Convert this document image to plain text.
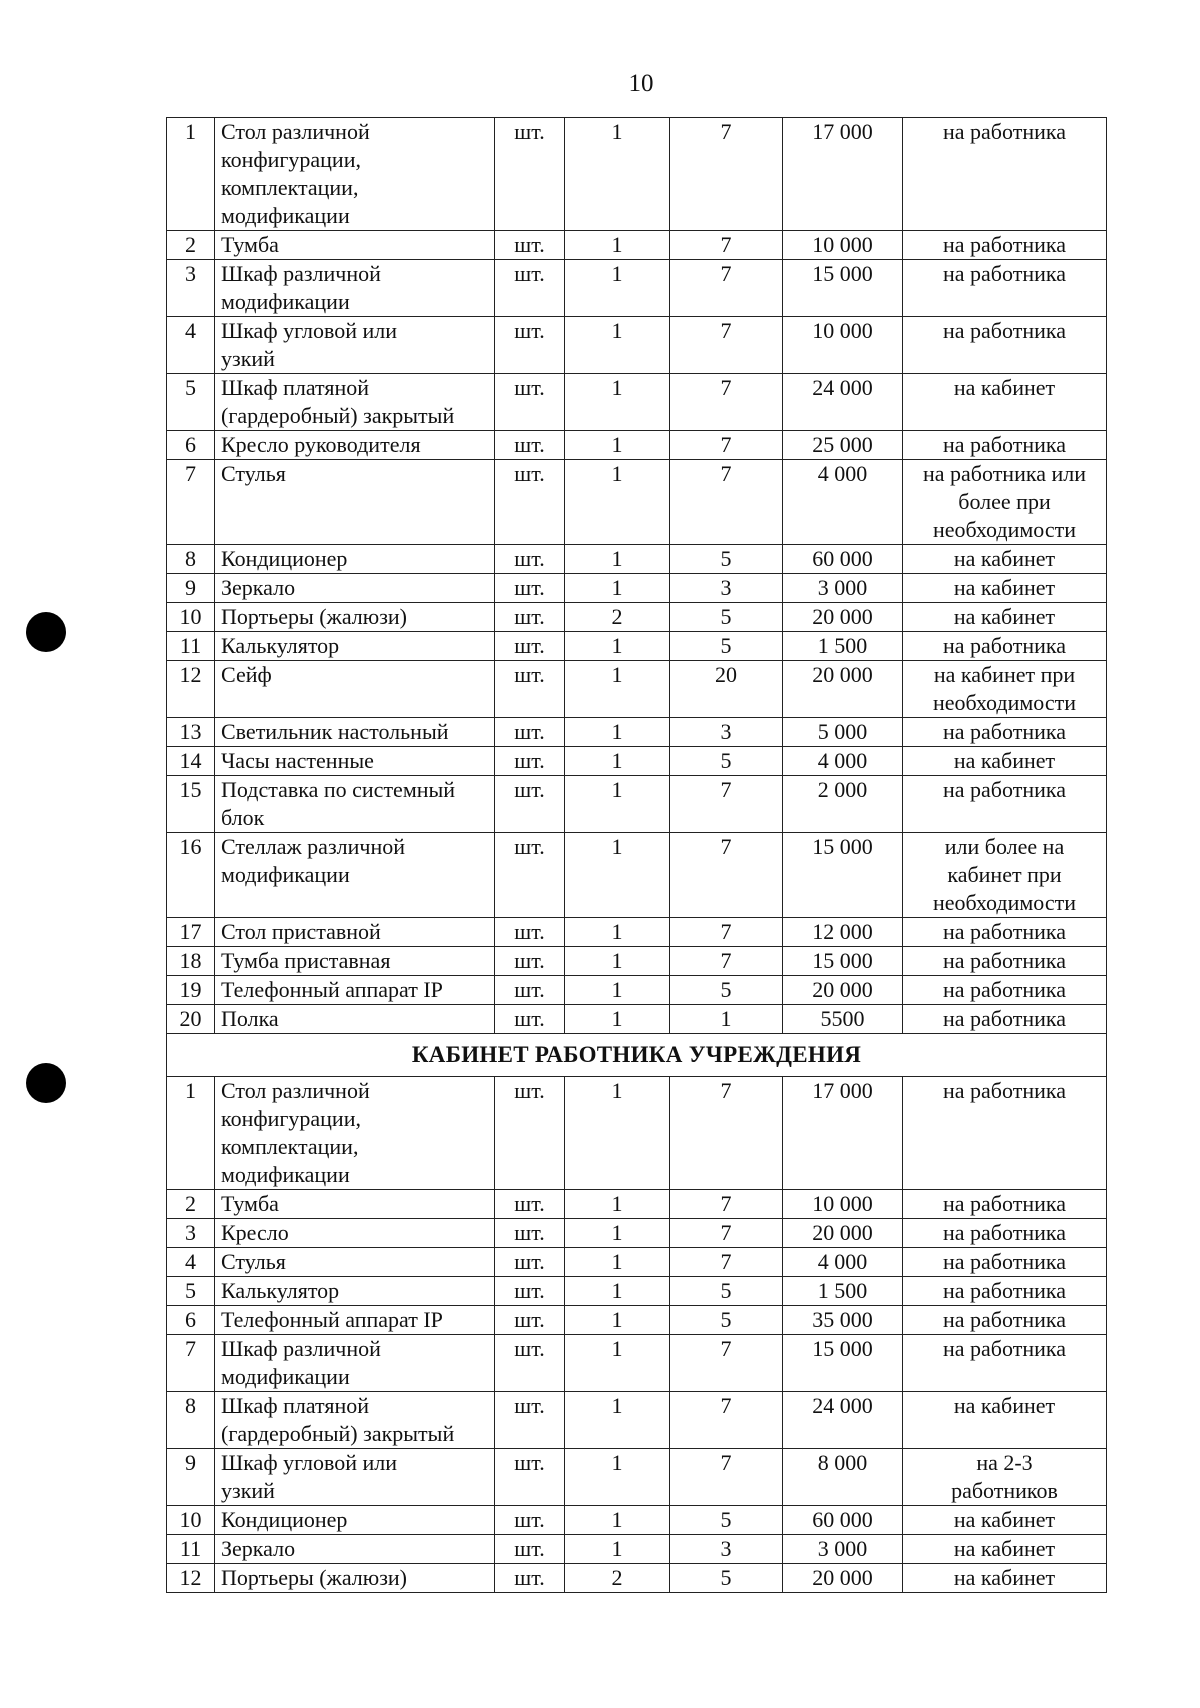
10
1	Стол различной
конфигурации,
комплектации,
модификации	шт.	1	7	17 000	на работника
2	Тумба	шт.	1	7	10 000	на работника
3	Шкаф различной
модификации	шт.	1	7	15 000	на работника
4	Шкаф угловой или
узкий	шт.	1	7	10 000	на работника
5	Шкаф платяной
(гардеробный) закрытый	шт.	1	7	24 000	на кабинет
6	Кресло руководителя	шт.	1	7	25 000	на работника
7	Стулья	шт.	1	7	4 000	на работника или
более при
необходимости
8	Кондиционер	шт.	1	5	60 000	на кабинет
9	Зеркало	шт.	1	3	3 000	на кабинет
10	Портьеры (жалюзи)	шт.	2	5	20 000	на кабинет
11	Калькулятор	шт.	1	5	1 500	на работника
12	Сейф	шт.	1	20	20 000	на кабинет при
необходимости
13	Светильник настольный	шт.	1	3	5 000	на работника
14	Часы настенные	шт.	1	5	4 000	на кабинет
15	Подставка по системный
блок	шт.	1	7	2 000	на работника
16	Стеллаж различной
модификации	шт.	1	7	15 000	или более на
кабинет при
необходимости
17	Стол приставной	шт.	1	7	12 000	на работника
18	Тумба приставная	шт.	1	7	15 000	на работника
19	Телефонный аппарат IP	шт.	1	5	20 000	на работника
20	Полка	шт.	1	1	5500	на работника
КАБИНЕТ РАБОТНИКА УЧРЕЖДЕНИЯ						
1	Стол различной
конфигурации,
комплектации,
модификации	шт.	1	7	17 000	на работника
2	Тумба	шт.	1	7	10 000	на работника
3	Кресло	шт.	1	7	20 000	на работника
4	Стулья	шт.	1	7	4 000	на работника
5	Калькулятор	шт.	1	5	1 500	на работника
6	Телефонный аппарат IP	шт.	1	5	35 000	на работника
7	Шкаф различной
модификации	шт.	1	7	15 000	на работника
8	Шкаф платяной
(гардеробный) закрытый	шт.	1	7	24 000	на кабинет
9	Шкаф угловой или
узкий	шт.	1	7	8 000	на 2-3
работников
10	Кондиционер	шт.	1	5	60 000	на кабинет
11	Зеркало	шт.	1	3	3 000	на кабинет
12	Портьеры (жалюзи)	шт.	2	5	20 000	на кабинет
